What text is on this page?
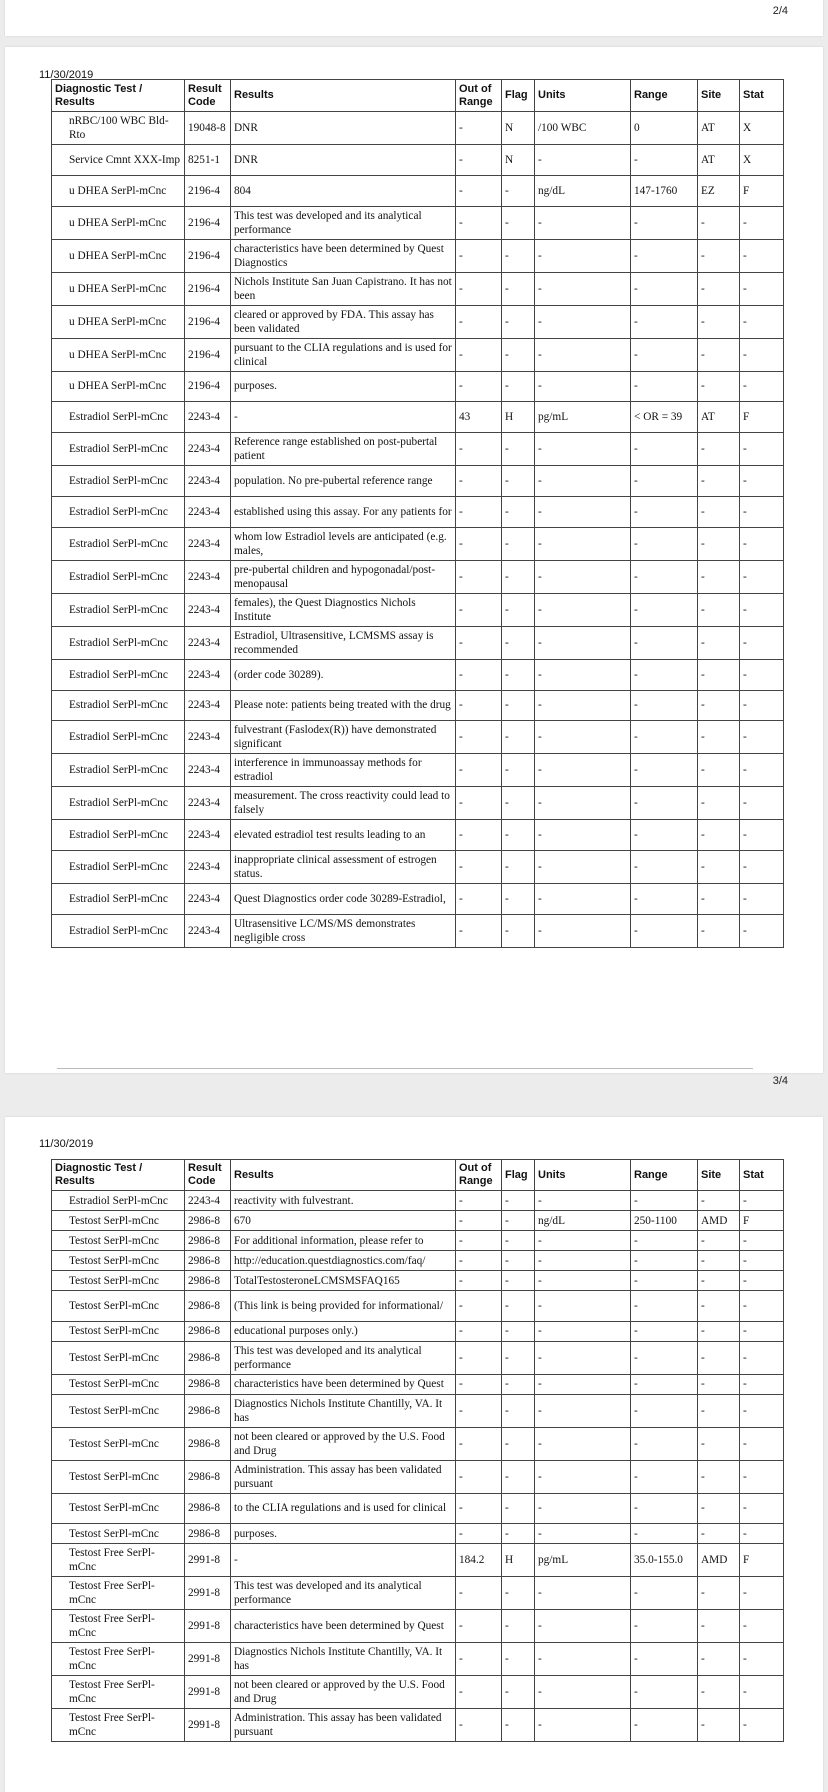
2/4
11/30/2019
Diagnostic Test / Results	Result Code	Results	Out of Range	Flag	Units	Range	Site	Stat
nRBC/100 WBC Bld-Rto	19048-8	DNR	-	N	/100 WBC	0	AT	X
Service Cmnt XXX-Imp	8251-1	DNR	-	N	-	-	AT	X
u DHEA SerPl-mCnc	2196-4	804	-	-	ng/dL	147-1760	EZ	F
u DHEA SerPl-mCnc	2196-4	This test was developed and its analytical performance	-	-	-	-	-	-
u DHEA SerPl-mCnc	2196-4	characteristics have been determined by Quest Diagnostics	-	-	-	-	-	-
u DHEA SerPl-mCnc	2196-4	Nichols Institute San Juan Capistrano. It has not been	-	-	-	-	-	-
u DHEA SerPl-mCnc	2196-4	cleared or approved by FDA. This assay has been validated	-	-	-	-	-	-
u DHEA SerPl-mCnc	2196-4	pursuant to the CLIA regulations and is used for clinical	-	-	-	-	-	-
u DHEA SerPl-mCnc	2196-4	purposes.	-	-	-	-	-	-
Estradiol SerPl-mCnc	2243-4	-	43	H	pg/mL	< OR = 39	AT	F
Estradiol SerPl-mCnc	2243-4	Reference range established on post-pubertal patient	-	-	-	-	-	-
Estradiol SerPl-mCnc	2243-4	population. No pre-pubertal reference range	-	-	-	-	-	-
Estradiol SerPl-mCnc	2243-4	established using this assay. For any patients for	-	-	-	-	-	-
Estradiol SerPl-mCnc	2243-4	whom low Estradiol levels are anticipated (e.g. males,	-	-	-	-	-	-
Estradiol SerPl-mCnc	2243-4	pre-pubertal children and hypogonadal/post-menopausal	-	-	-	-	-	-
Estradiol SerPl-mCnc	2243-4	females), the Quest Diagnostics Nichols Institute	-	-	-	-	-	-
Estradiol SerPl-mCnc	2243-4	Estradiol, Ultrasensitive, LCMSMS assay is recommended	-	-	-	-	-	-
Estradiol SerPl-mCnc	2243-4	(order code 30289).	-	-	-	-	-	-
Estradiol SerPl-mCnc	2243-4	Please note: patients being treated with the drug	-	-	-	-	-	-
Estradiol SerPl-mCnc	2243-4	fulvestrant (Faslodex(R)) have demonstrated significant	-	-	-	-	-	-
Estradiol SerPl-mCnc	2243-4	interference in immunoassay methods for estradiol	-	-	-	-	-	-
Estradiol SerPl-mCnc	2243-4	measurement. The cross reactivity could lead to falsely	-	-	-	-	-	-
Estradiol SerPl-mCnc	2243-4	elevated estradiol test results leading to an	-	-	-	-	-	-
Estradiol SerPl-mCnc	2243-4	inappropriate clinical assessment of estrogen status.	-	-	-	-	-	-
Estradiol SerPl-mCnc	2243-4	Quest Diagnostics order code 30289-Estradiol,	-	-	-	-	-	-
Estradiol SerPl-mCnc	2243-4	Ultrasensitive LC/MS/MS demonstrates negligible cross	-	-	-	-	-	-
3/4
11/30/2019
Diagnostic Test / Results	Result Code	Results	Out of Range	Flag	Units	Range	Site	Stat
Estradiol SerPl-mCnc	2243-4	reactivity with fulvestrant.	-	-	-	-	-	-
Testost SerPl-mCnc	2986-8	670	-	-	ng/dL	250-1100	AMD	F
Testost SerPl-mCnc	2986-8	For additional information, please refer to	-	-	-	-	-	-
Testost SerPl-mCnc	2986-8	http://education.questdiagnostics.com/faq/	-	-	-	-	-	-
Testost SerPl-mCnc	2986-8	TotalTestosteroneLCMSMSFAQ165	-	-	-	-	-	-
Testost SerPl-mCnc	2986-8	(This link is being provided for informational/	-	-	-	-	-	-
Testost SerPl-mCnc	2986-8	educational purposes only.)	-	-	-	-	-	-
Testost SerPl-mCnc	2986-8	This test was developed and its analytical performance	-	-	-	-	-	-
Testost SerPl-mCnc	2986-8	characteristics have been determined by Quest	-	-	-	-	-	-
Testost SerPl-mCnc	2986-8	Diagnostics Nichols Institute Chantilly, VA. It has	-	-	-	-	-	-
Testost SerPl-mCnc	2986-8	not been cleared or approved by the U.S. Food and Drug	-	-	-	-	-	-
Testost SerPl-mCnc	2986-8	Administration. This assay has been validated pursuant	-	-	-	-	-	-
Testost SerPl-mCnc	2986-8	to the CLIA regulations and is used for clinical	-	-	-	-	-	-
Testost SerPl-mCnc	2986-8	purposes.	-	-	-	-	-	-
Testost Free SerPl-mCnc	2991-8	-	184.2	H	pg/mL	35.0-155.0	AMD	F
Testost Free SerPl-mCnc	2991-8	This test was developed and its analytical performance	-	-	-	-	-	-
Testost Free SerPl-mCnc	2991-8	characteristics have been determined by Quest	-	-	-	-	-	-
Testost Free SerPl-mCnc	2991-8	Diagnostics Nichols Institute Chantilly, VA. It has	-	-	-	-	-	-
Testost Free SerPl-mCnc	2991-8	not been cleared or approved by the U.S. Food and Drug	-	-	-	-	-	-
Testost Free SerPl-mCnc	2991-8	Administration. This assay has been validated pursuant	-	-	-	-	-	-
